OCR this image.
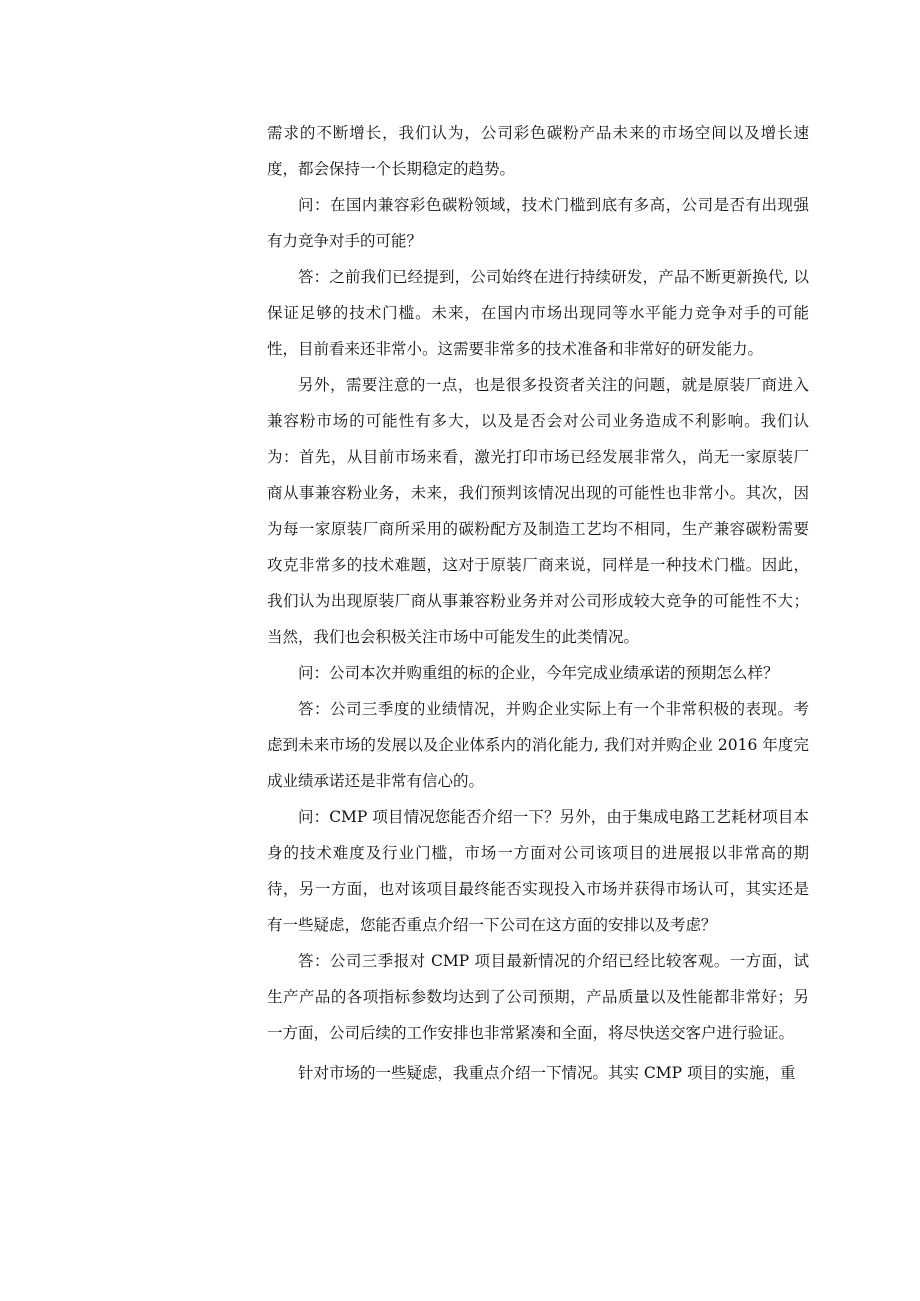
需求的不断增长，我们认为，公司彩色碳粉产品未来的市场空间以及增长速度，都会保持一个长期稳定的趋势。

问：在国内兼容彩色碳粉领域，技术门槛到底有多高，公司是否有出现强有力竞争对手的可能？

答：之前我们已经提到，公司始终在进行持续研发，产品不断更新换代, 以保证足够的技术门槛。未来，在国内市场出现同等水平能力竞争对手的可能性，目前看来还非常小。这需要非常多的技术准备和非常好的研发能力。

另外，需要注意的一点，也是很多投资者关注的问题，就是原装厂商进入兼容粉市场的可能性有多大，以及是否会对公司业务造成不利影响。我们认为：首先，从目前市场来看，激光打印市场已经发展非常久，尚无一家原装厂商从事兼容粉业务，未来，我们预判该情况出现的可能性也非常小。其次，因为每一家原装厂商所采用的碳粉配方及制造工艺均不相同，生产兼容碳粉需要攻克非常多的技术难题，这对于原装厂商来说，同样是一种技术门槛。因此，我们认为出现原装厂商从事兼容粉业务并对公司形成较大竞争的可能性不大；当然，我们也会积极关注市场中可能发生的此类情况。

问：公司本次并购重组的标的企业，今年完成业绩承诺的预期怎么样？

答：公司三季度的业绩情况，并购企业实际上有一个非常积极的表现。考虑到未来市场的发展以及企业体系内的消化能力, 我们对并购企业 2016 年度完成业绩承诺还是非常有信心的。

问：CMP 项目情况您能否介绍一下？另外，由于集成电路工艺耗材项目本身的技术难度及行业门槛，市场一方面对公司该项目的进展报以非常高的期待，另一方面，也对该项目最终能否实现投入市场并获得市场认可，其实还是有一些疑虑，您能否重点介绍一下公司在这方面的安排以及考虑？

答：公司三季报对 CMP 项目最新情况的介绍已经比较客观。一方面，试生产产品的各项指标参数均达到了公司预期，产品质量以及性能都非常好；另一方面，公司后续的工作安排也非常紧凑和全面，将尽快送交客户进行验证。

针对市场的一些疑虑，我重点介绍一下情况。其实 CMP 项目的实施，重
